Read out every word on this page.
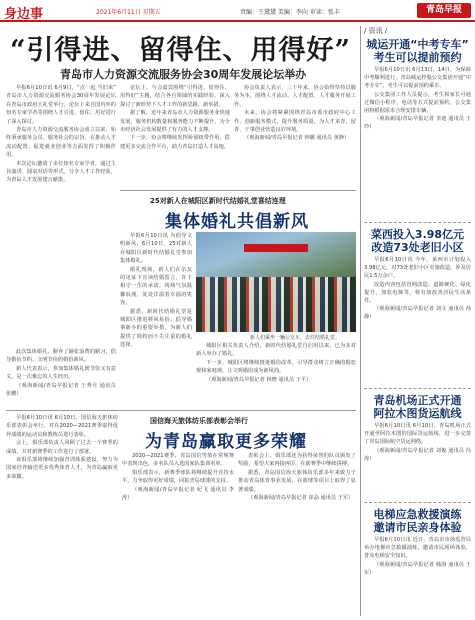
身边事	2021年6月11日 星期五	责编：王黛黛 美编：李向 审读：张丰	青岛早报
“引得进、留得住、用得好”
青岛市人力资源交流服务协会30周年发展论坛举办

早报6月10日讯 6月9日，“点一起 当旧来” 青岛市人力资源交流服务协会30周年发展论坛在青岛市政府大礼堂举行。论坛上来自国内外的知名专家学者等围绕人才引进、留住、用好进行了深入探讨。

青岛市人力资源交流服务协会成立以来，始终秉承服务会员、服务社会的宗旨，在推动人才流动配置、促进就业创业等方面发挥了积极作用。

本次论坛邀请了多位知名专家学者，通过主旨演讲、圆桌对话等形式，分享人才工作经验，为青岛人才发展建言献策。

论坛上，与会嘉宾围绕“引得进、留得住、用得好”主题，结合各自领域的实践经验，深入探讨了新形势下人才工作的新思路、新举措。

据了解，近年来青岛市人力资源服务业快速发展，服务机构数量和服务能力不断提升，为全市经济社会发展提供了有力的人才支撑。

下一步，协会将继续发挥桥梁纽带作用，搭建更多交流合作平台，助力青岛打造人才高地。

协会负责人表示，三十年来，协会始终坚持以服务为本，围绕人才流动、人才配置、人才服务开展工作。

未来，协会将紧紧围绕青岛市委市政府中心工作，创新服务模式，提升服务质量，为人才来青、留青、干事创业营造良好环境。

（观海新闻/青岛早报记者 钟璐 通讯员 黄静）

25对新人在城阳区新时代结婚礼堂喜结连理
集体婚礼共倡新风

早报6月10日讯 为倡导文明新风，6月10日，25对新人在城阳区新时代结婚礼堂参加集体婚礼。

婚礼现场，新人们在亲友的见证下宣读结婚誓言，许下相守一生的承诺。现场气氛温馨浪漫，处处洋溢着幸福的笑容。

据悉，新时代结婚礼堂是城阳区推进移风易俗、倡导婚事新办的重要举措，为新人们提供了简约而不失庄重的婚礼选择。

新人们乘坐一辆公交车，去往结婚礼堂。

此次集体婚礼，摒弃了铺张浪费的陋习，倡导勤俭节约、文明节俭的婚俗新风。

新人代表表示，参加集体婚礼既节俭又有意义，是一次难忘的人生经历。

（观海新闻/青岛早报记者 王秀月 通讯员 张鹏）

城阳区相关负责人介绍，新时代结婚礼堂自启用以来，已为多对新人举办了婚礼。

下一步，城阳区将继续推进婚俗改革，引导群众树立正确的婚恋观和家庭观，让文明婚俗成为新风尚。

（观海新闻/青岛早报记者 林晓 通讯员 王平）

国信海天旅体纺乐部表彰会举行
为青岛赢取更多荣耀

早报6月10日讯 6月10日，国信海天旅体纺乐部表彰会举行，对在2020—2021赛季取得优异成绩的运动员和教练员进行表彰。

会上，俱乐部负责人回顾了过去一个赛季的成绩，并对新赛季的工作进行了部署。

该俱乐部将继续加强青训体系建设，努力为国家培养输送更多优秀体育人才，为青岛赢取更多荣耀。

2020—2021赛季，青岛国信男篮在常规赛中表现出色，多名队员入选国家队集训名单。

俱乐部表示，新赛季球队将继续提升竞技水平，力争取得更好成绩，回报青岛球迷的支持。

（观海新闻/青岛早报记者 纪飞 通讯员 李涛）

表彰会上，俱乐部还为获得荣誉的队员颁发了奖励，希望大家再接再厉，在新赛季中继续拼搏。

据悉，青岛国信海天旅体纺乐部多年来致力于推动青岛体育事业发展，在篮球等项目上取得了显著成绩。

（观海新闻/青岛早报记者 崔晶 通讯员 王军）

/ 资讯 /
城运开通“中考专车”
考生可以提前预约

早报6月10日讯 6月13日、14日，为保障中考顺利进行，青岛城运控股公交集团开通“中考专车”，考生可以提前预约乘车。

公交集团工作人员提示，考生和家长可通过微信小程序、电话等方式提前预约，公交集团将根据需求合理安排车辆。

（观海新闻/青岛早报记者 李迪 通讯员 王玲）

菜西投入3.98亿元
改造73处老旧小区

早报6月10日讯 今年，莱西市计划投入3.98亿元，对73处老旧小区实施改造，涉及居民1.5万余户。

改造内容包括管网改造、道路硬化、绿化提升、加装电梯等，将有效改善居民生活条件。

（观海新闻/青岛早报记者 刘文 通讯员 孙静）

青岛机场正式开通
阿拉木图货运航线

早报6月10日讯 6月10日，青岛机场正式开通至阿拉木图的国际货运航线，进一步完善了青岛国际航空货运网络。

（观海新闻/青岛早报记者 刘俊 通讯员 冯涛）

电梯应急救援演练
邀请市民亲身体验

早报6月10日讯 近日，青岛市市场监管局举办电梯应急救援演练，邀请市民现场体验，普及电梯安全知识。

（观海新闻/青岛早报记者 韩海 通讯员 王军）
